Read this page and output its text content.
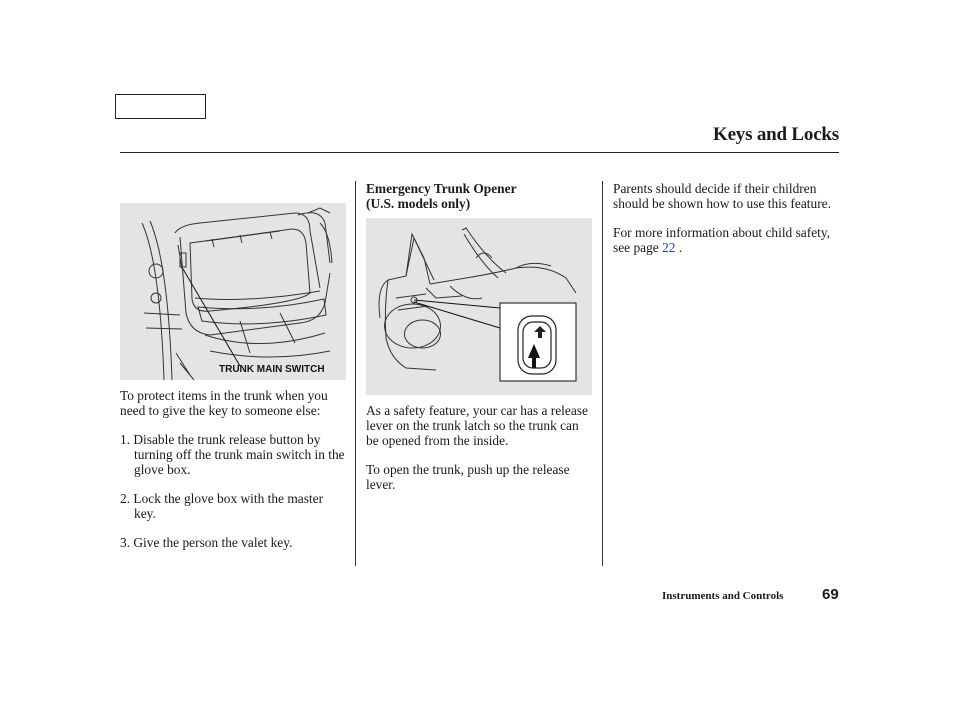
Keys and Locks
TRUNK MAIN SWITCH

To protect items in the trunk when you need to give the key to someone else:

1. Disable the trunk release button by turning off the trunk main switch in the glove box.
2. Lock the glove box with the master key.
3. Give the person the valet key.
Emergency Trunk Opener
(U.S. models only)

As a safety feature, your car has a release lever on the trunk latch so the trunk can be opened from the inside.

To open the trunk, push up the release lever.

Parents should decide if their children should be shown how to use this feature.

For more information about child safety, see page 22 .

Instruments and Controls	69
